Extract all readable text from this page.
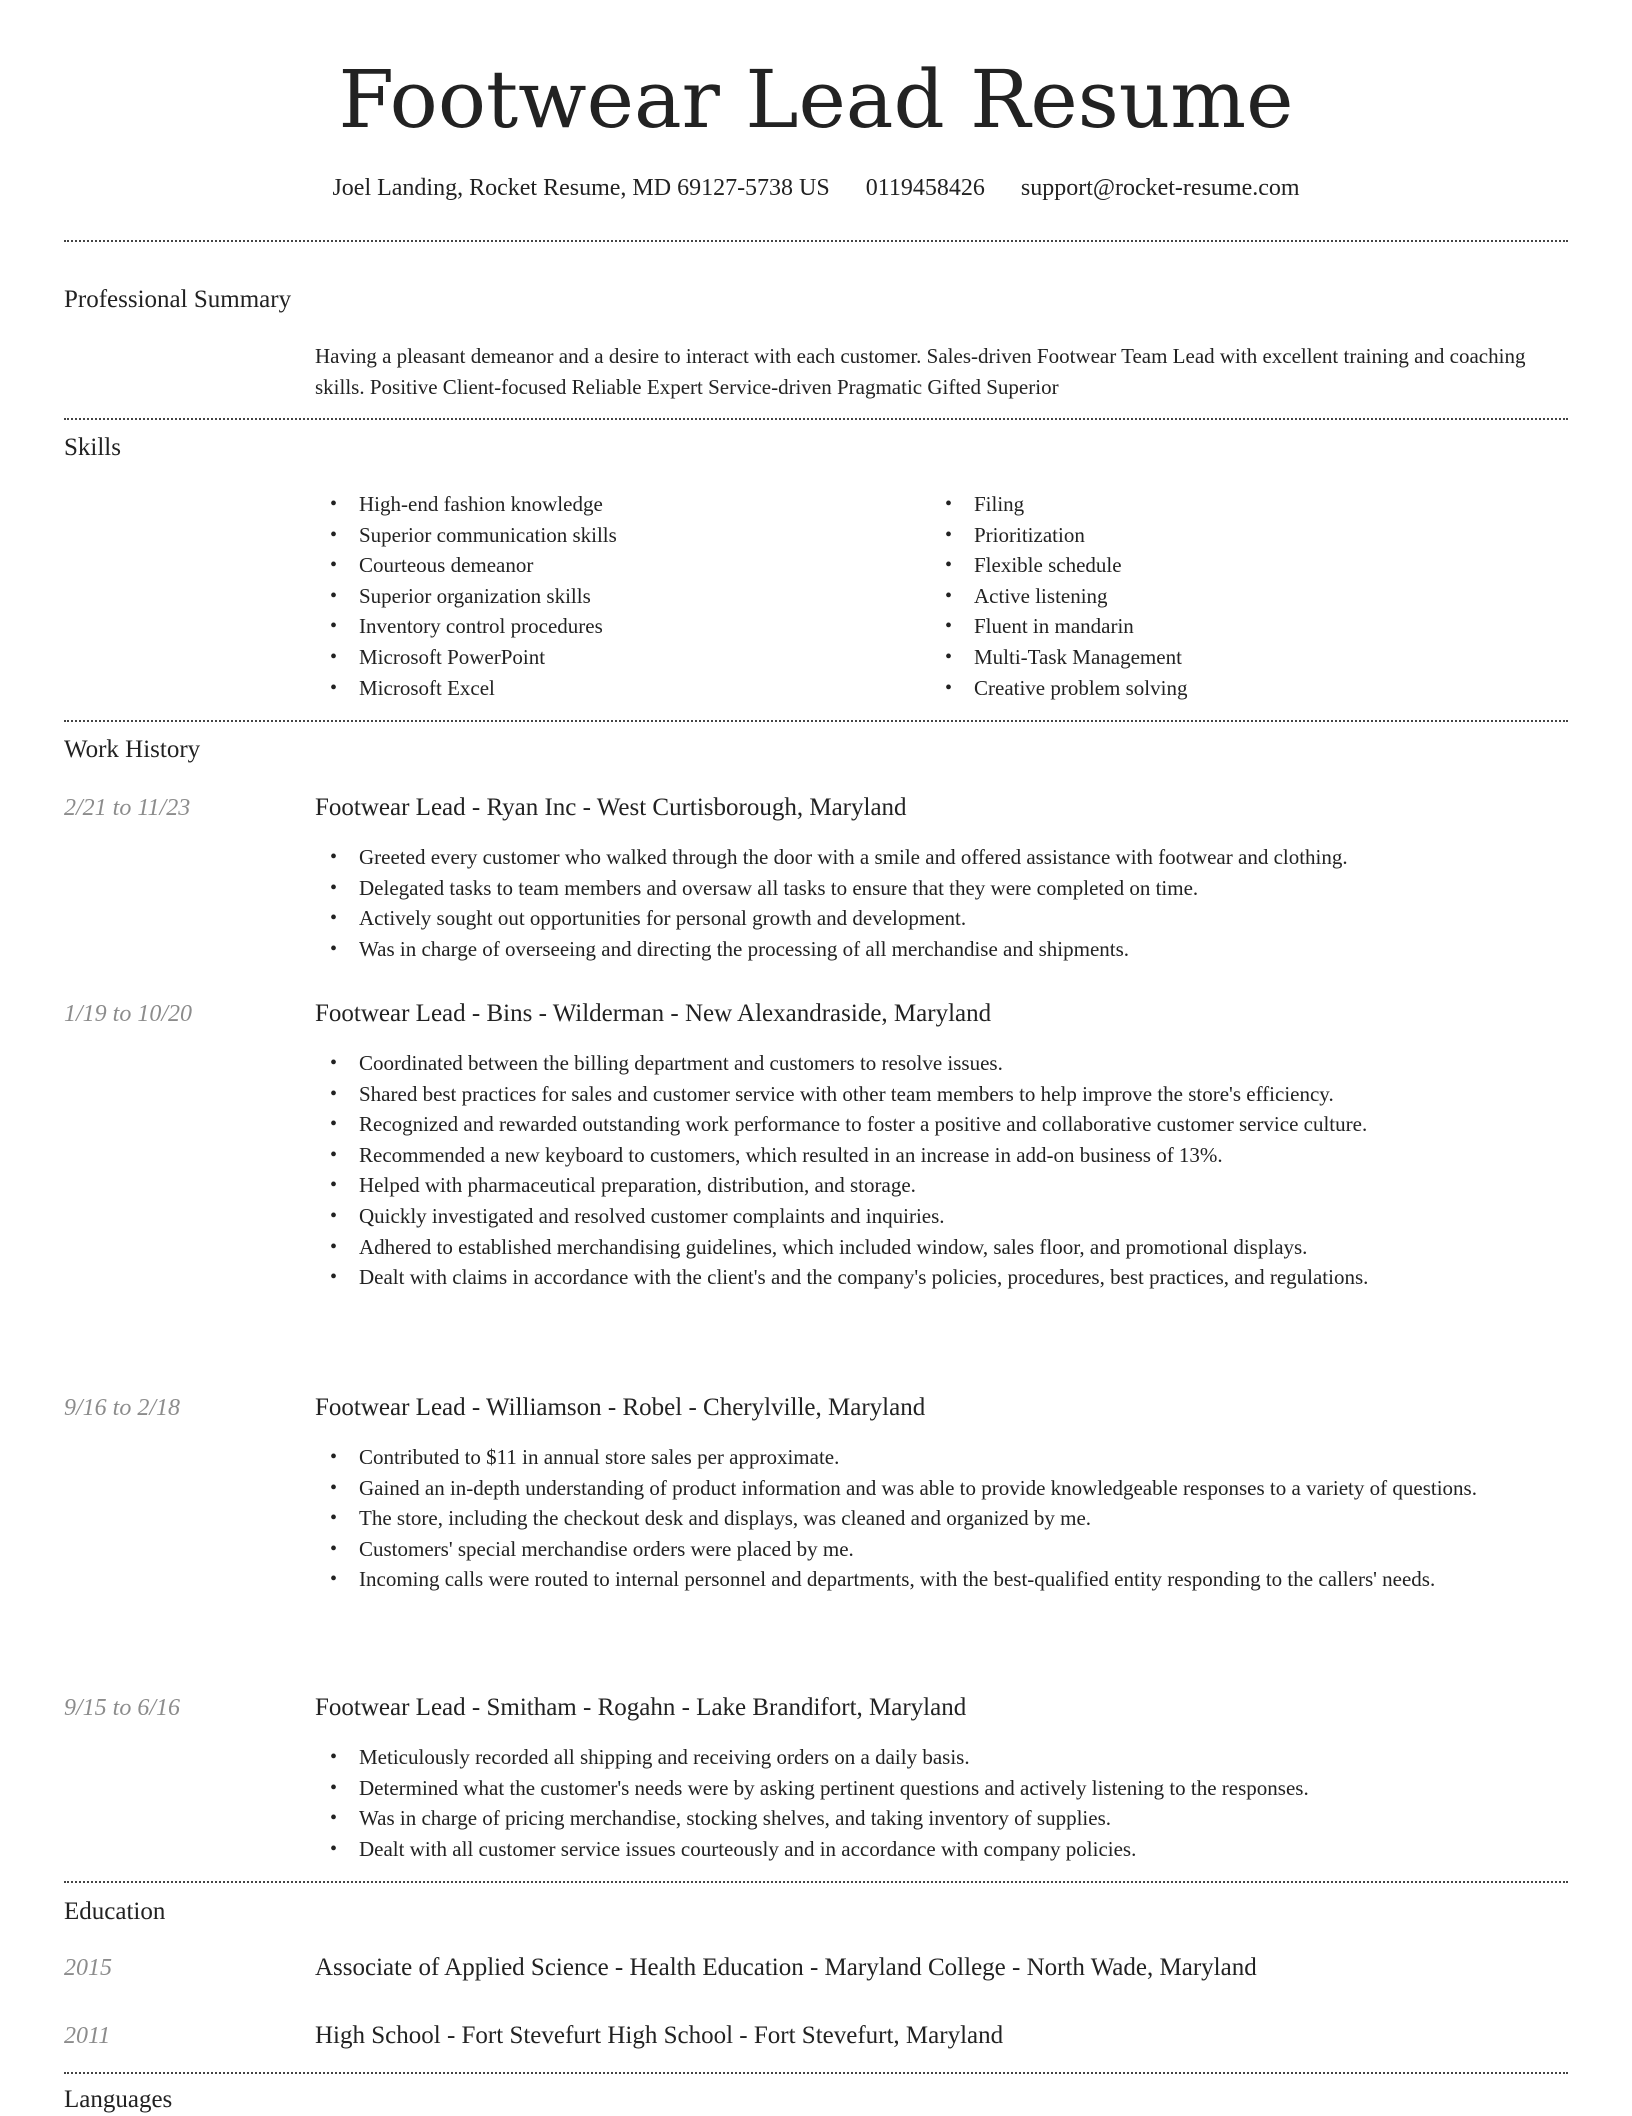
Footwear Lead Resume
Joel Landing, Rocket Resume, MD 69127-5738 US 0119458426 support@rocket-resume.com
Professional Summary
Having a pleasant demeanor and a desire to interact with each customer. Sales-driven Footwear Team Lead with excellent training and coaching skills. Positive Client-focused Reliable Expert Service-driven Pragmatic Gifted Superior
Skills
• High-end fashion knowledge
• Superior communication skills
• Courteous demeanor
• Superior organization skills
• Inventory control procedures
• Microsoft PowerPoint
• Microsoft Excel
• Filing
• Prioritization
• Flexible schedule
• Active listening
• Fluent in mandarin
• Multi-Task Management
• Creative problem solving
Work History
2/21 to 11/23	Footwear Lead - Ryan Inc - West Curtisborough, Maryland
• Greeted every customer who walked through the door with a smile and offered assistance with footwear and clothing.
• Delegated tasks to team members and oversaw all tasks to ensure that they were completed on time.
• Actively sought out opportunities for personal growth and development.
• Was in charge of overseeing and directing the processing of all merchandise and shipments.
1/19 to 10/20	Footwear Lead - Bins - Wilderman - New Alexandraside, Maryland
• Coordinated between the billing department and customers to resolve issues.
• Shared best practices for sales and customer service with other team members to help improve the store's efficiency.
• Recognized and rewarded outstanding work performance to foster a positive and collaborative customer service culture.
• Recommended a new keyboard to customers, which resulted in an increase in add-on business of 13%.
• Helped with pharmaceutical preparation, distribution, and storage.
• Quickly investigated and resolved customer complaints and inquiries.
• Adhered to established merchandising guidelines, which included window, sales floor, and promotional displays.
• Dealt with claims in accordance with the client's and the company's policies, procedures, best practices, and regulations.
9/16 to 2/18	Footwear Lead - Williamson - Robel - Cherylville, Maryland
• Contributed to $11 in annual store sales per approximate.
• Gained an in-depth understanding of product information and was able to provide knowledgeable responses to a variety of questions.
• The store, including the checkout desk and displays, was cleaned and organized by me.
• Customers' special merchandise orders were placed by me.
• Incoming calls were routed to internal personnel and departments, with the best-qualified entity responding to the callers' needs.
9/15 to 6/16	Footwear Lead - Smitham - Rogahn - Lake Brandifort, Maryland
• Meticulously recorded all shipping and receiving orders on a daily basis.
• Determined what the customer's needs were by asking pertinent questions and actively listening to the responses.
• Was in charge of pricing merchandise, stocking shelves, and taking inventory of supplies.
• Dealt with all customer service issues courteously and in accordance with company policies.
Education
2015	Associate of Applied Science - Health Education - Maryland College - North Wade, Maryland
2011	High School - Fort Stevefurt High School - Fort Stevefurt, Maryland
Languages
